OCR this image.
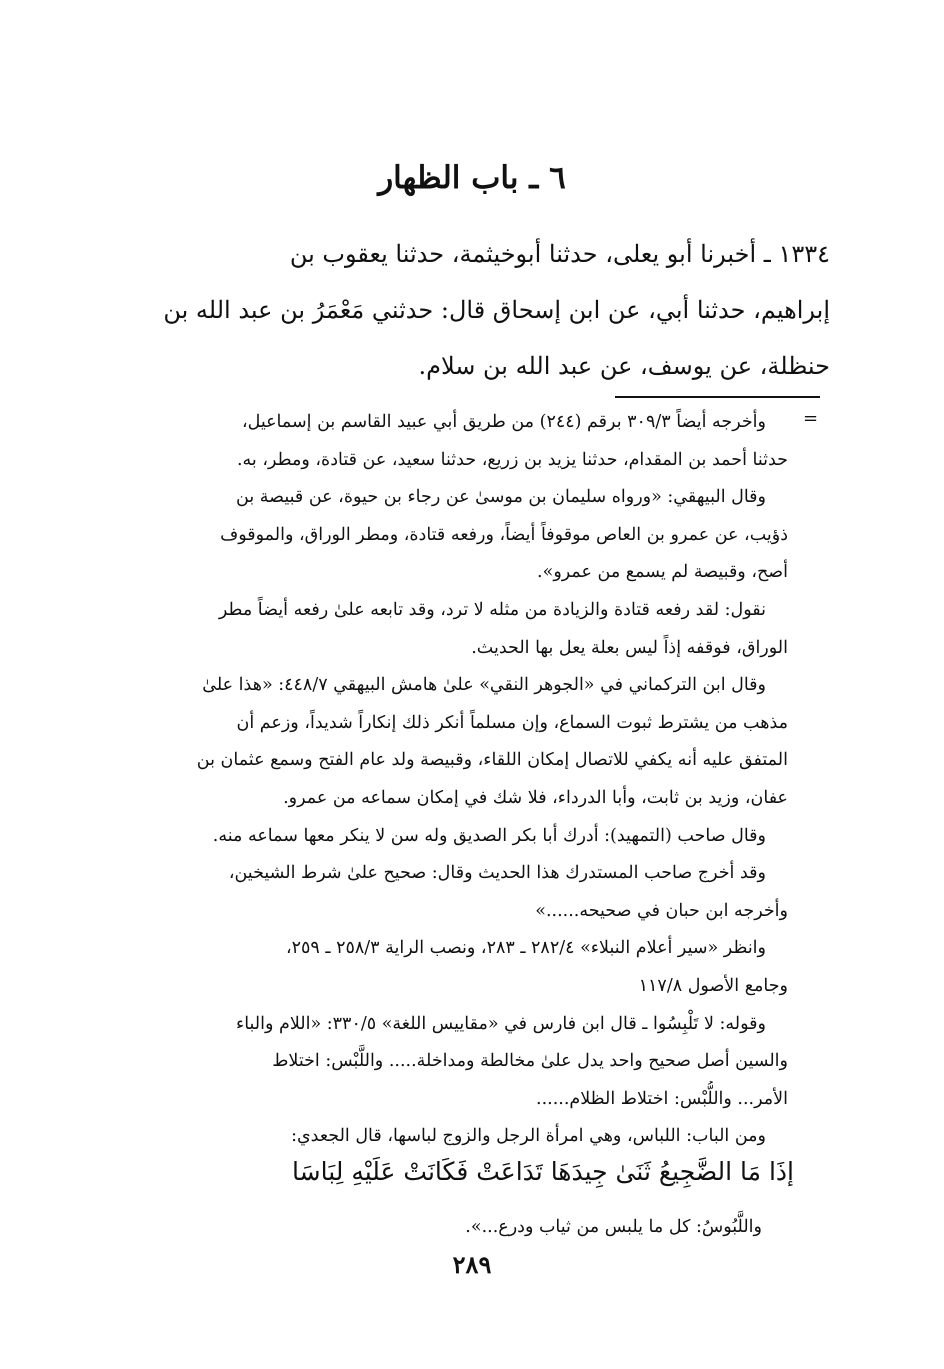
٦ ـ باب الظهار
١٣٣٤ ـ أخبرنا أبو يعلى، حدثنا أبوخيثمة، حدثنا يعقوب بن
إبراهيم، حدثنا أبي، عن ابن إسحاق قال: حدثني مَعْمَرُ بن عبد الله بن
حنظلة، عن يوسف، عن عبد الله بن سلام.
=
وأخرجه أيضاً ٣٠٩/٣ برقم (٢٤٤) من طريق أبي عبيد القاسم بن إسماعيل،
حدثنا أحمد بن المقدام، حدثنا يزيد بن زريع، حدثنا سعيد، عن قتادة، ومطر، به.
وقال البيهقي: «ورواه سليمان بن موسىٰ عن رجاء بن حيوة، عن قبيصة بن
ذؤيب، عن عمرو بن العاص موقوفاً أيضاً، ورفعه قتادة، ومطر الوراق، والموقوف
أصح، وقبيصة لم يسمع من عمرو».
نقول: لقد رفعه قتادة والزيادة من مثله لا ترد، وقد تابعه علىٰ رفعه أيضاً مطر
الوراق، فوقفه إذاً ليس بعلة يعل بها الحديث.
وقال ابن التركماني في «الجوهر النقي» علىٰ هامش البيهقي ٤٤٨/٧: «هذا علىٰ
مذهب من يشترط ثبوت السماع، وإن مسلماً أنكر ذلك إنكاراً شديداً، وزعم أن
المتفق عليه أنه يكفي للاتصال إمكان اللقاء، وقبيصة ولد عام الفتح وسمع عثمان بن
عفان، وزيد بن ثابت، وأبا الدرداء، فلا شك في إمكان سماعه من عمرو.
وقال صاحب (التمهيد): أدرك أبا بكر الصديق وله سن لا ينكر معها سماعه منه.
وقد أخرج صاحب المستدرك هذا الحديث وقال: صحيح علىٰ شرط الشيخين،
وأخرجه ابن حبان في صحيحه......»
وانظر «سير أعلام النبلاء» ٢٨٢/٤ ـ ٢٨٣، ونصب الراية ٢٥٨/٣ ـ ٢٥٩،
وجامع الأصول ١١٧/٨
وقوله: لا تَلْبِسُوا ـ قال ابن فارس في «مقاييس اللغة» ٣٣٠/٥: «اللام والباء
والسين أصل صحيح واحد يدل علىٰ مخالطة ومداخلة..... واللَّبْس: اختلاط
الأمر... واللُّبْس: اختلاط الظلام......
ومن الباب: اللباس، وهي امرأة الرجل والزوج لباسها، قال الجعدي:
إذَا مَا الضَّجِيعُ ثَنَىٰ جِيدَهَا تَدَاعَتْ فَكَانَتْ عَلَيْهِ لِبَاسَا
واللَّبُوسُ: كل ما يلبس من ثياب ودرع...».
٢٨٩
